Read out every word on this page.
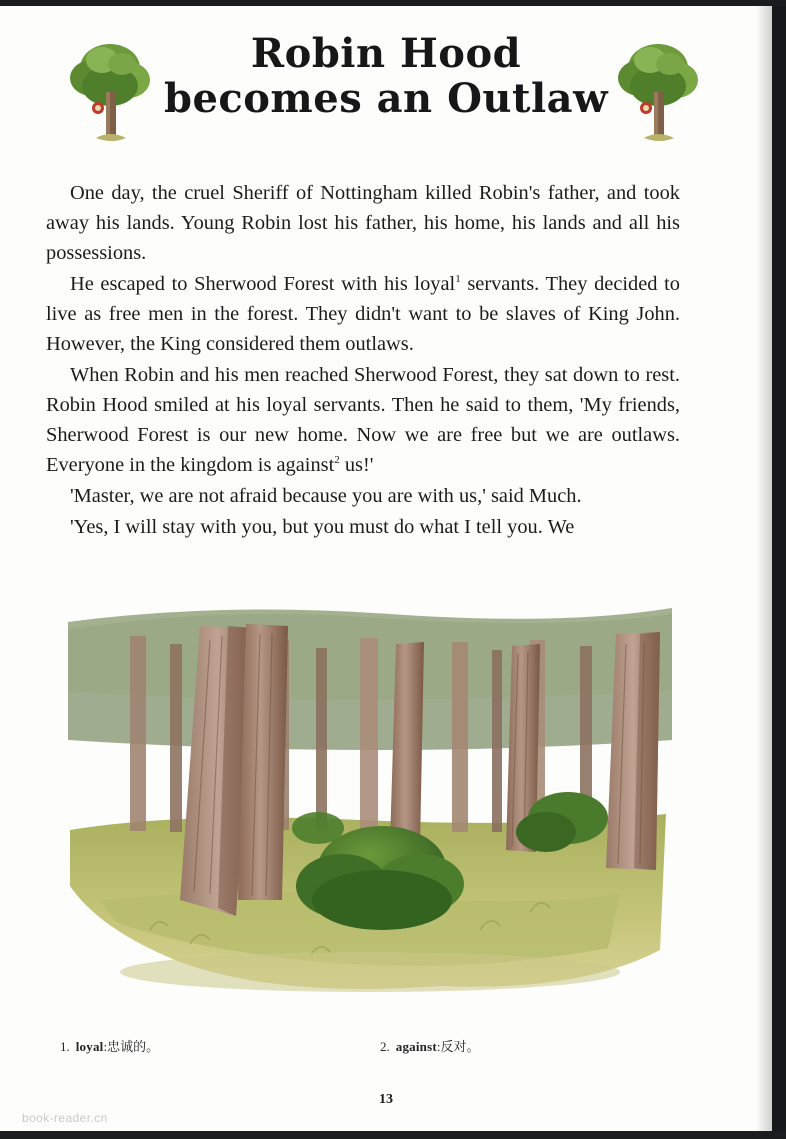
Robin Hood
becomes an Outlaw

One day, the cruel Sheriff of Nottingham killed Robin's father, and took away his lands. Young Robin lost his father, his home, his lands and all his possessions.

He escaped to Sherwood Forest with his loyal$^1$ servants. They decided to live as free men in the forest. They didn't want to be slaves of King John. However, the King considered them outlaws.

When Robin and his men reached Sherwood Forest, they sat down to rest. Robin Hood smiled at his loyal servants. Then he said to them, 'My friends, Sherwood Forest is our new home. Now we are free but we are outlaws. Everyone in the kingdom is against$^2$ us!'

'Master, we are not afraid because you are with us,' said Much.

'Yes, I will stay with you, but you must do what I tell you. We

1. loyal:忠诚的。	2. against:反对。
13
book-reader.cn
